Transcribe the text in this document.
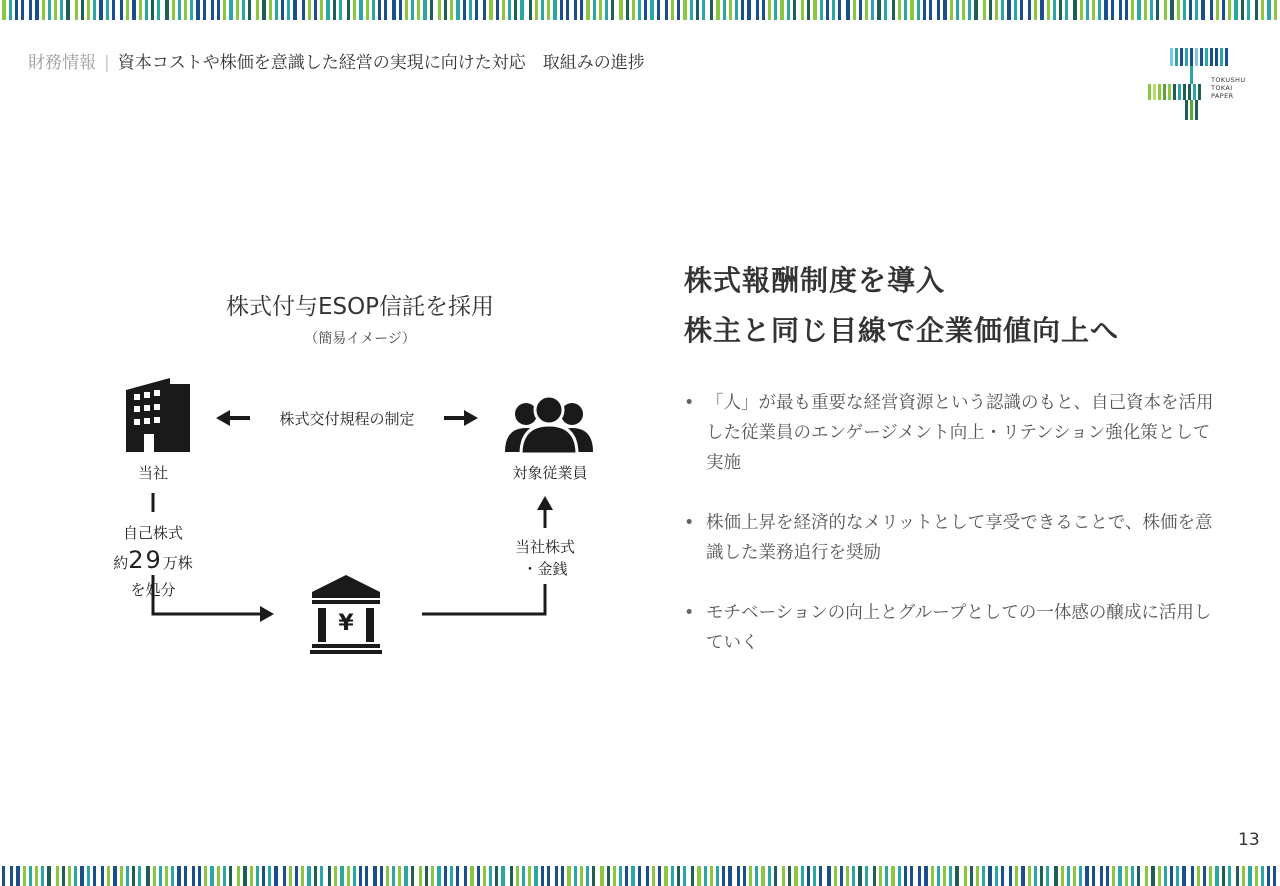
財務情報 | 資本コストや株価を意識した経営の実現に向けた対応　取組みの進捗
TOKUSHU
TOKAI
PAPER
株式付与ESOP信託を採用
（簡易イメージ）
¥
当社	対象従業員
株式交付規程の制定
自己株式
約29万株
を処分
当社株式
・金銭
株式報酬制度を導入
株主と同じ目線で企業価値向上へ
• 「人」が最も重要な経営資源という認識のもと、自己資本を活用した従業員のエンゲージメント向上・リテンション強化策として実施
• 株価上昇を経済的なメリットとして享受できることで、株価を意識した業務追行を奨励
• モチベーションの向上とグループとしての一体感の醸成に活用していく
13
